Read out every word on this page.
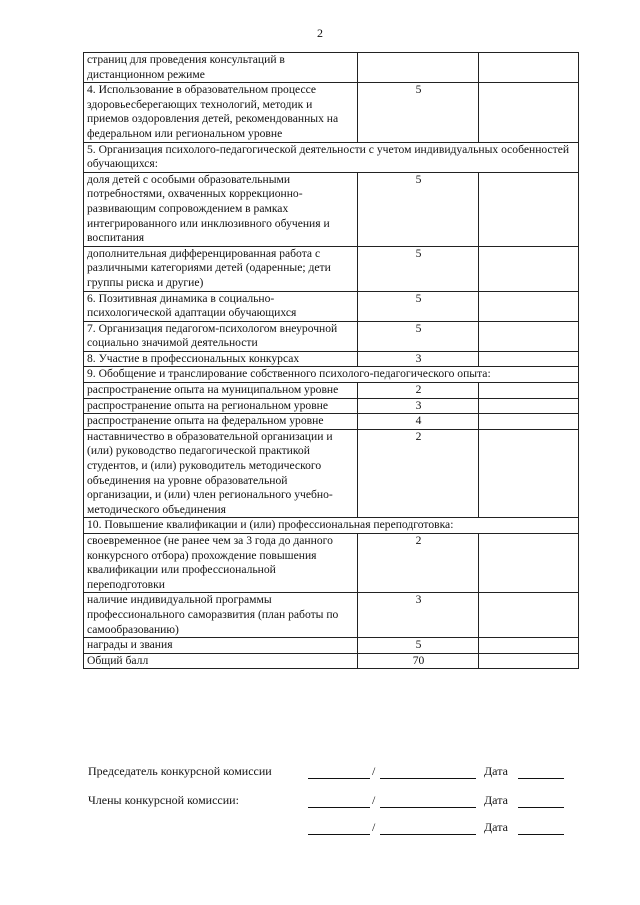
2
страниц для проведения консультаций в дистанционном режиме		
4. Использование в образовательном процессе здоровьесберегающих технологий, методик и приемов оздоровления детей, рекомендованных на федеральном или региональном уровне	5	
5. Организация психолого-педагогической деятельности с учетом индивидуальных особенностей обучающихся:		
доля детей с особыми образовательными потребностями, охваченных коррекционно-развивающим сопровождением в рамках интегрированного или инклюзивного обучения и воспитания	5	
дополнительная дифференцированная работа с различными категориями детей (одаренные; дети группы риска и другие)	5	
6. Позитивная динамика в социально-психологической адаптации обучающихся	5	
7. Организация педагогом-психологом внеурочной социально значимой деятельности	5	
8. Участие в профессиональных конкурсах	3	
9. Обобщение и транслирование собственного психолого-педагогического опыта:		
распространение опыта на муниципальном уровне	2	
распространение опыта на региональном уровне	3	
распространение опыта на федеральном уровне	4	
наставничество в образовательной организации и (или) руководство педагогической практикой студентов, и (или) руководитель методического объединения на уровне образовательной организации, и (или) член регионального учебно-методического объединения	2	
10. Повышение квалификации и (или) профессиональная переподготовка:		
своевременное (не ранее чем за 3 года до данного конкурсного отбора) прохождение повышения квалификации или профессиональной переподготовки	2	
наличие индивидуальной программы профессионального саморазвития (план работы по самообразованию)	3	
награды и звания	5	
Общий балл	70	
Председатель конкурсной комиссии	/	Дата
Члены конкурсной комиссии:	/	Дата
/	Дата
